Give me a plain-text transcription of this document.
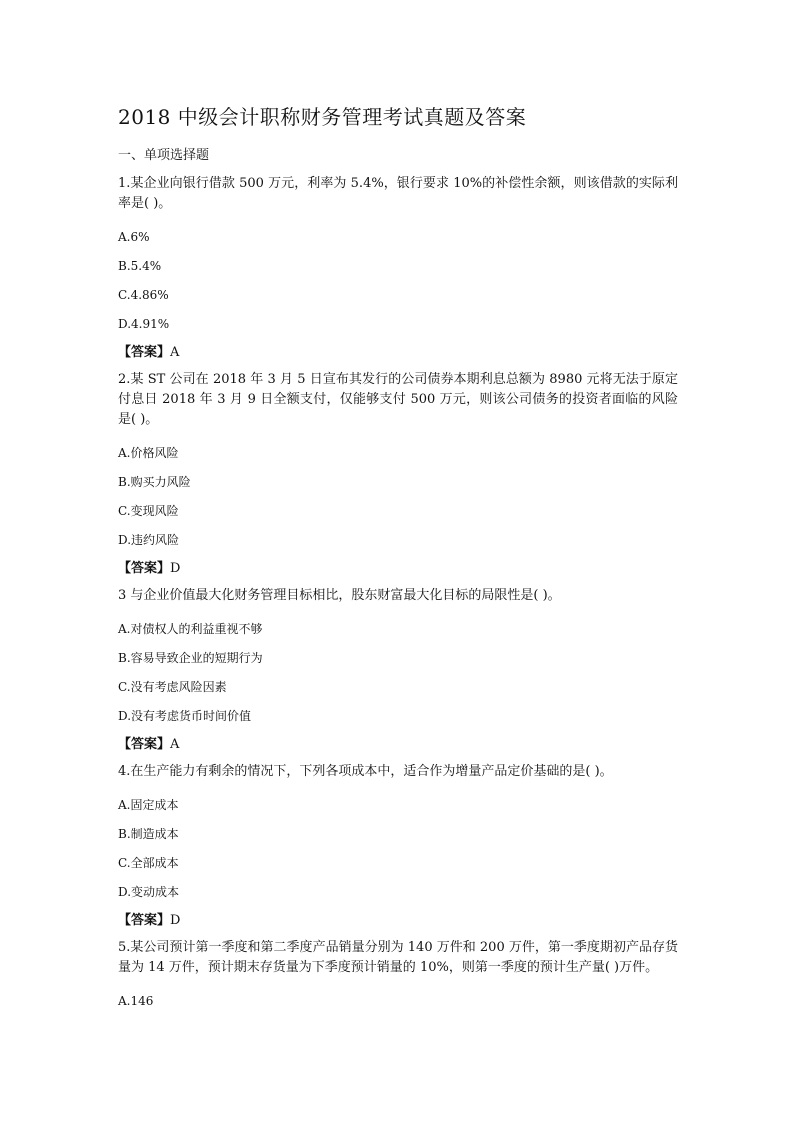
2018 中级会计职称财务管理考试真题及答案
一、单项选择题
1.某企业向银行借款 500 万元，利率为 5.4%，银行要求 10%的补偿性余额，则该借款的实际利率是( )。
A.6%
B.5.4%
C.4.86%
D.4.91%
【答案】A
2.某 ST 公司在 2018 年 3 月 5 日宣布其发行的公司债券本期利息总额为 8980 元将无法于原定付息日 2018 年 3 月 9 日全额支付，仅能够支付 500 万元，则该公司债务的投资者面临的风险是( )。
A.价格风险
B.购买力风险
C.变现风险
D.违约风险
【答案】D
3 与企业价值最大化财务管理目标相比，股东财富最大化目标的局限性是( )。
A.对债权人的利益重视不够
B.容易导致企业的短期行为
C.没有考虑风险因素
D.没有考虑货币时间价值
【答案】A
4.在生产能力有剩余的情况下，下列各项成本中，适合作为增量产品定价基础的是( )。
A.固定成本
B.制造成本
C.全部成本
D.变动成本
【答案】D
5.某公司预计第一季度和第二季度产品销量分别为 140 万件和 200 万件，第一季度期初产品存货量为 14 万件，预计期末存货量为下季度预计销量的 10%，则第一季度的预计生产量( )万件。
A.146
